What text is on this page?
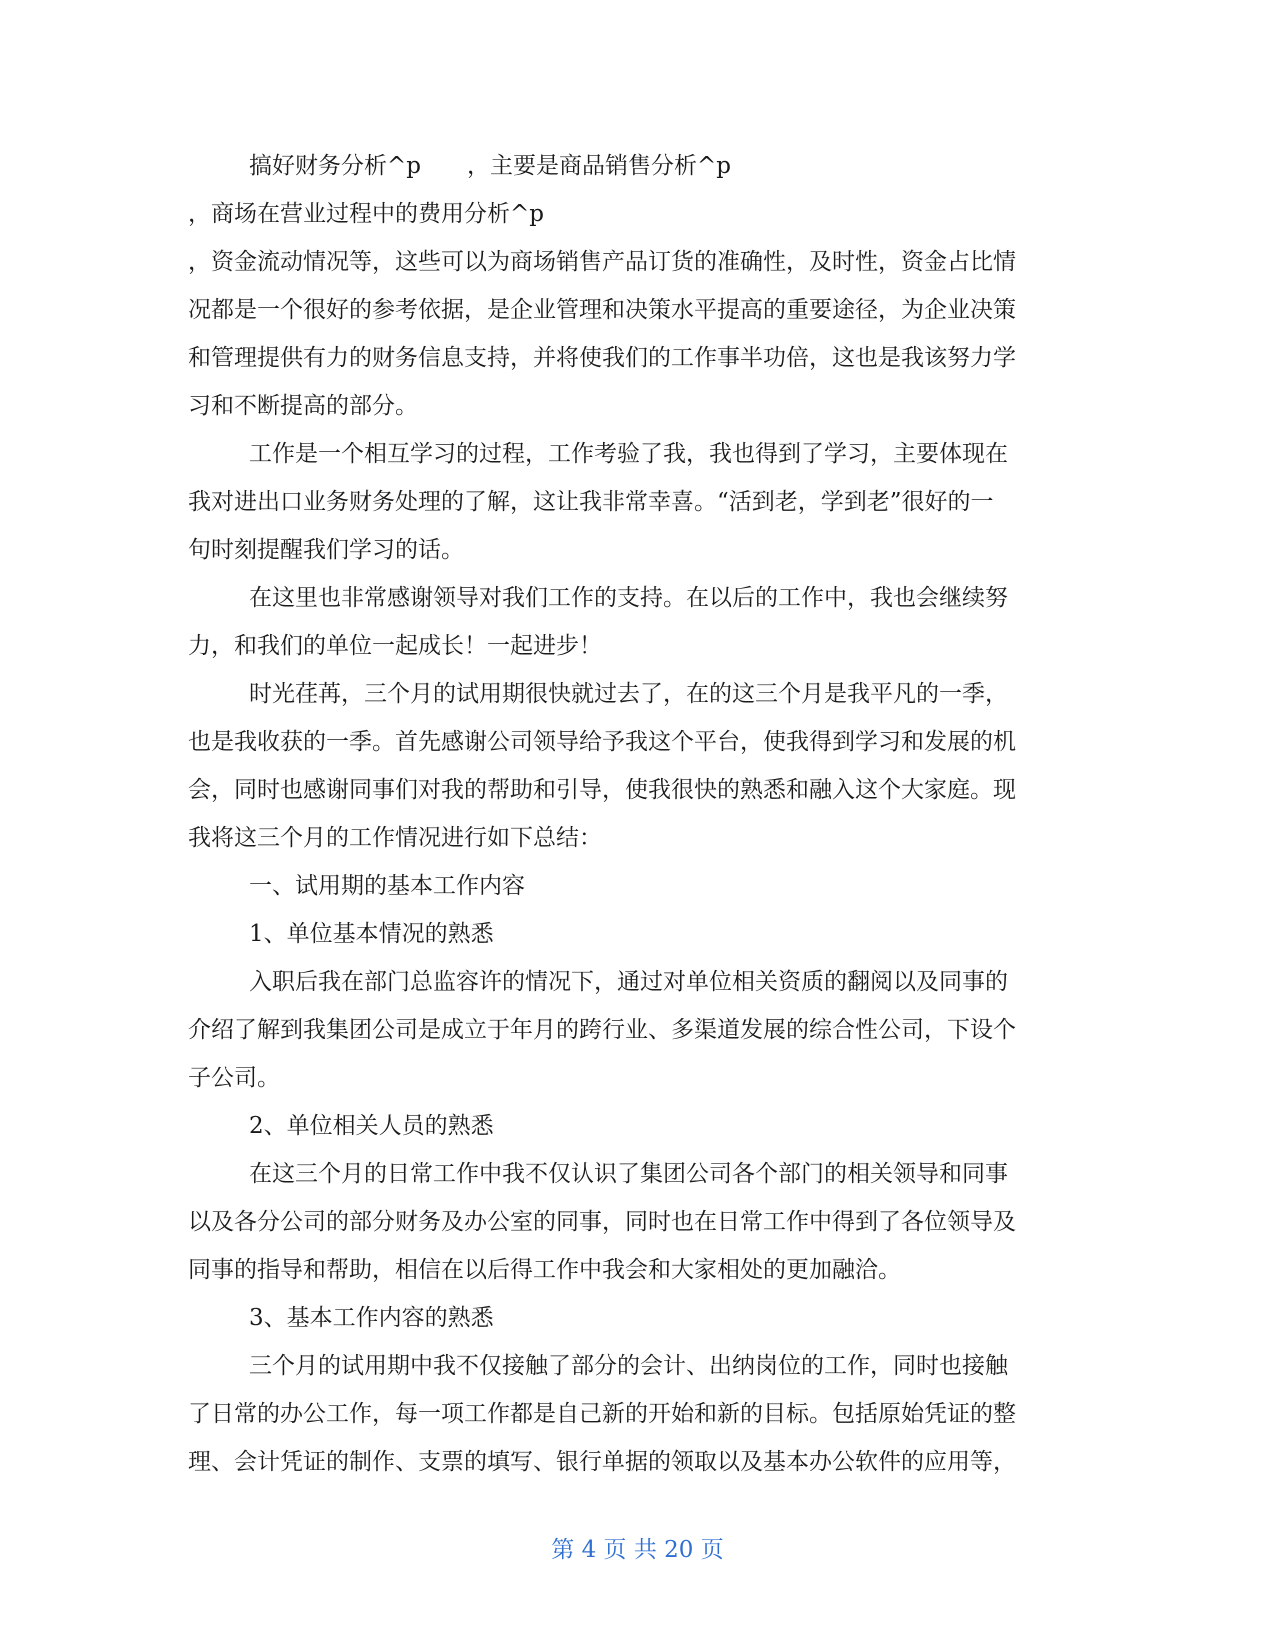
搞好财务分析^p　　，主要是商品销售分析^p
，商场在营业过程中的费用分析^p
，资金流动情况等，这些可以为商场销售产品订货的准确性，及时性，资金占比情
况都是一个很好的参考依据，是企业管理和决策水平提高的重要途径，为企业决策
和管理提供有力的财务信息支持，并将使我们的工作事半功倍，这也是我该努力学
习和不断提高的部分。
工作是一个相互学习的过程，工作考验了我，我也得到了学习，主要体现在
我对进出口业务财务处理的了解，这让我非常幸喜。“活到老，学到老”很好的一
句时刻提醒我们学习的话。
在这里也非常感谢领导对我们工作的支持。在以后的工作中，我也会继续努
力，和我们的单位一起成长！一起进步！
时光荏苒，三个月的试用期很快就过去了，在的这三个月是我平凡的一季，
也是我收获的一季。首先感谢公司领导给予我这个平台，使我得到学习和发展的机
会，同时也感谢同事们对我的帮助和引导，使我很快的熟悉和融入这个大家庭。现
我将这三个月的工作情况进行如下总结：
一、试用期的基本工作内容
1、单位基本情况的熟悉
入职后我在部门总监容许的情况下，通过对单位相关资质的翻阅以及同事的
介绍了解到我集团公司是成立于年月的跨行业、多渠道发展的综合性公司，下设个
子公司。
2、单位相关人员的熟悉
在这三个月的日常工作中我不仅认识了集团公司各个部门的相关领导和同事
以及各分公司的部分财务及办公室的同事，同时也在日常工作中得到了各位领导及
同事的指导和帮助，相信在以后得工作中我会和大家相处的更加融洽。
3、基本工作内容的熟悉
三个月的试用期中我不仅接触了部分的会计、出纳岗位的工作，同时也接触
了日常的办公工作，每一项工作都是自己新的开始和新的目标。包括原始凭证的整
理、会计凭证的制作、支票的填写、银行单据的领取以及基本办公软件的应用等，
第 4 页 共 20 页
